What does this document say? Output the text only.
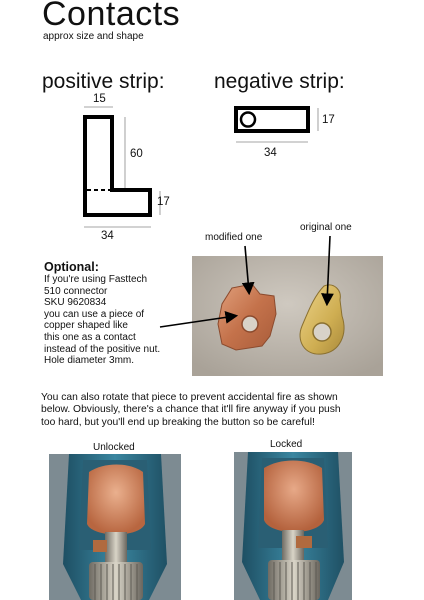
Contacts
approx size and shape
positive strip: negative strip:
15
60
17
34
17
34
Optional:
If you're using Fasttech
510 connector
SKU 9620834
you can use a piece of
copper shaped like
this one as a contact
instead of the positive nut.
Hole diameter 3mm.
modified one
original one
You can also rotate that piece to prevent accidental fire as shown
below. Obviously, there's a chance that it'll fire anyway if you push
too hard, but you'll end up breaking the button so be careful!
Unlocked	Locked
